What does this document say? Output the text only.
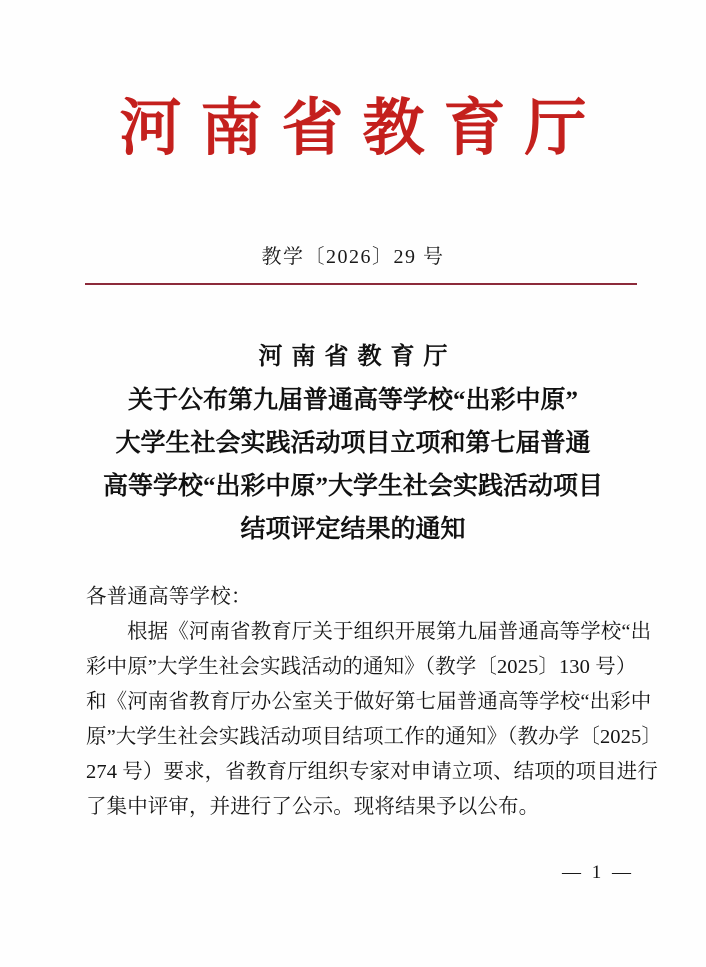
河南省教育厅
教学〔2026〕29 号
河南省教育厅
关于公布第九届普通高等学校“出彩中原”
大学生社会实践活动项目立项和第七届普通
高等学校“出彩中原”大学生社会实践活动项目
结项评定结果的通知
各普通高等学校：
根据《河南省教育厅关于组织开展第九届普通高等学校“出
彩中原”大学生社会实践活动的通知》（教学〔2025〕130 号）
和《河南省教育厅办公室关于做好第七届普通高等学校“出彩中
原”大学生社会实践活动项目结项工作的通知》（教办学〔2025〕
274 号）要求，省教育厅组织专家对申请立项、结项的项目进行
了集中评审，并进行了公示。现将结果予以公布。
— 1 —
